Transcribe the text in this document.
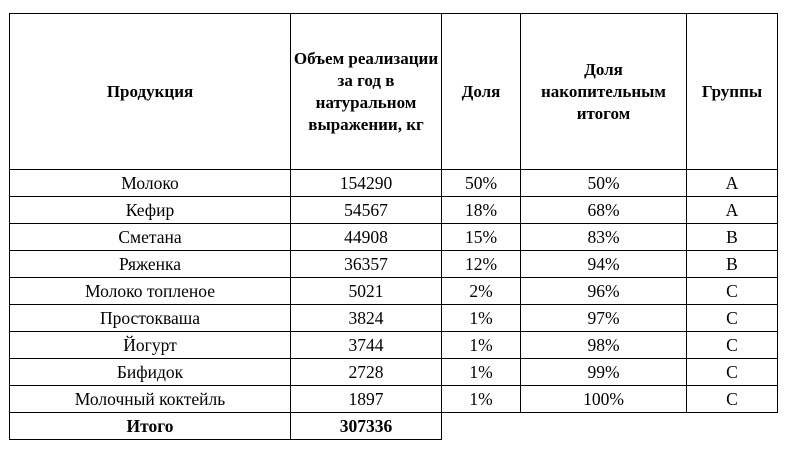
Продукция	Объем реализации за год в натуральном выражении, кг	Доля	Доля накопительным итогом	Группы
Молоко	154290	50%	50%	A
Кефир	54567	18%	68%	A
Сметана	44908	15%	83%	B
Ряженка	36357	12%	94%	B
Молоко топленое	5021	2%	96%	C
Простокваша	3824	1%	97%	C
Йогурт	3744	1%	98%	C
Бифидок	2728	1%	99%	C
Молочный коктейль	1897	1%	100%	C
Итого	307336			
